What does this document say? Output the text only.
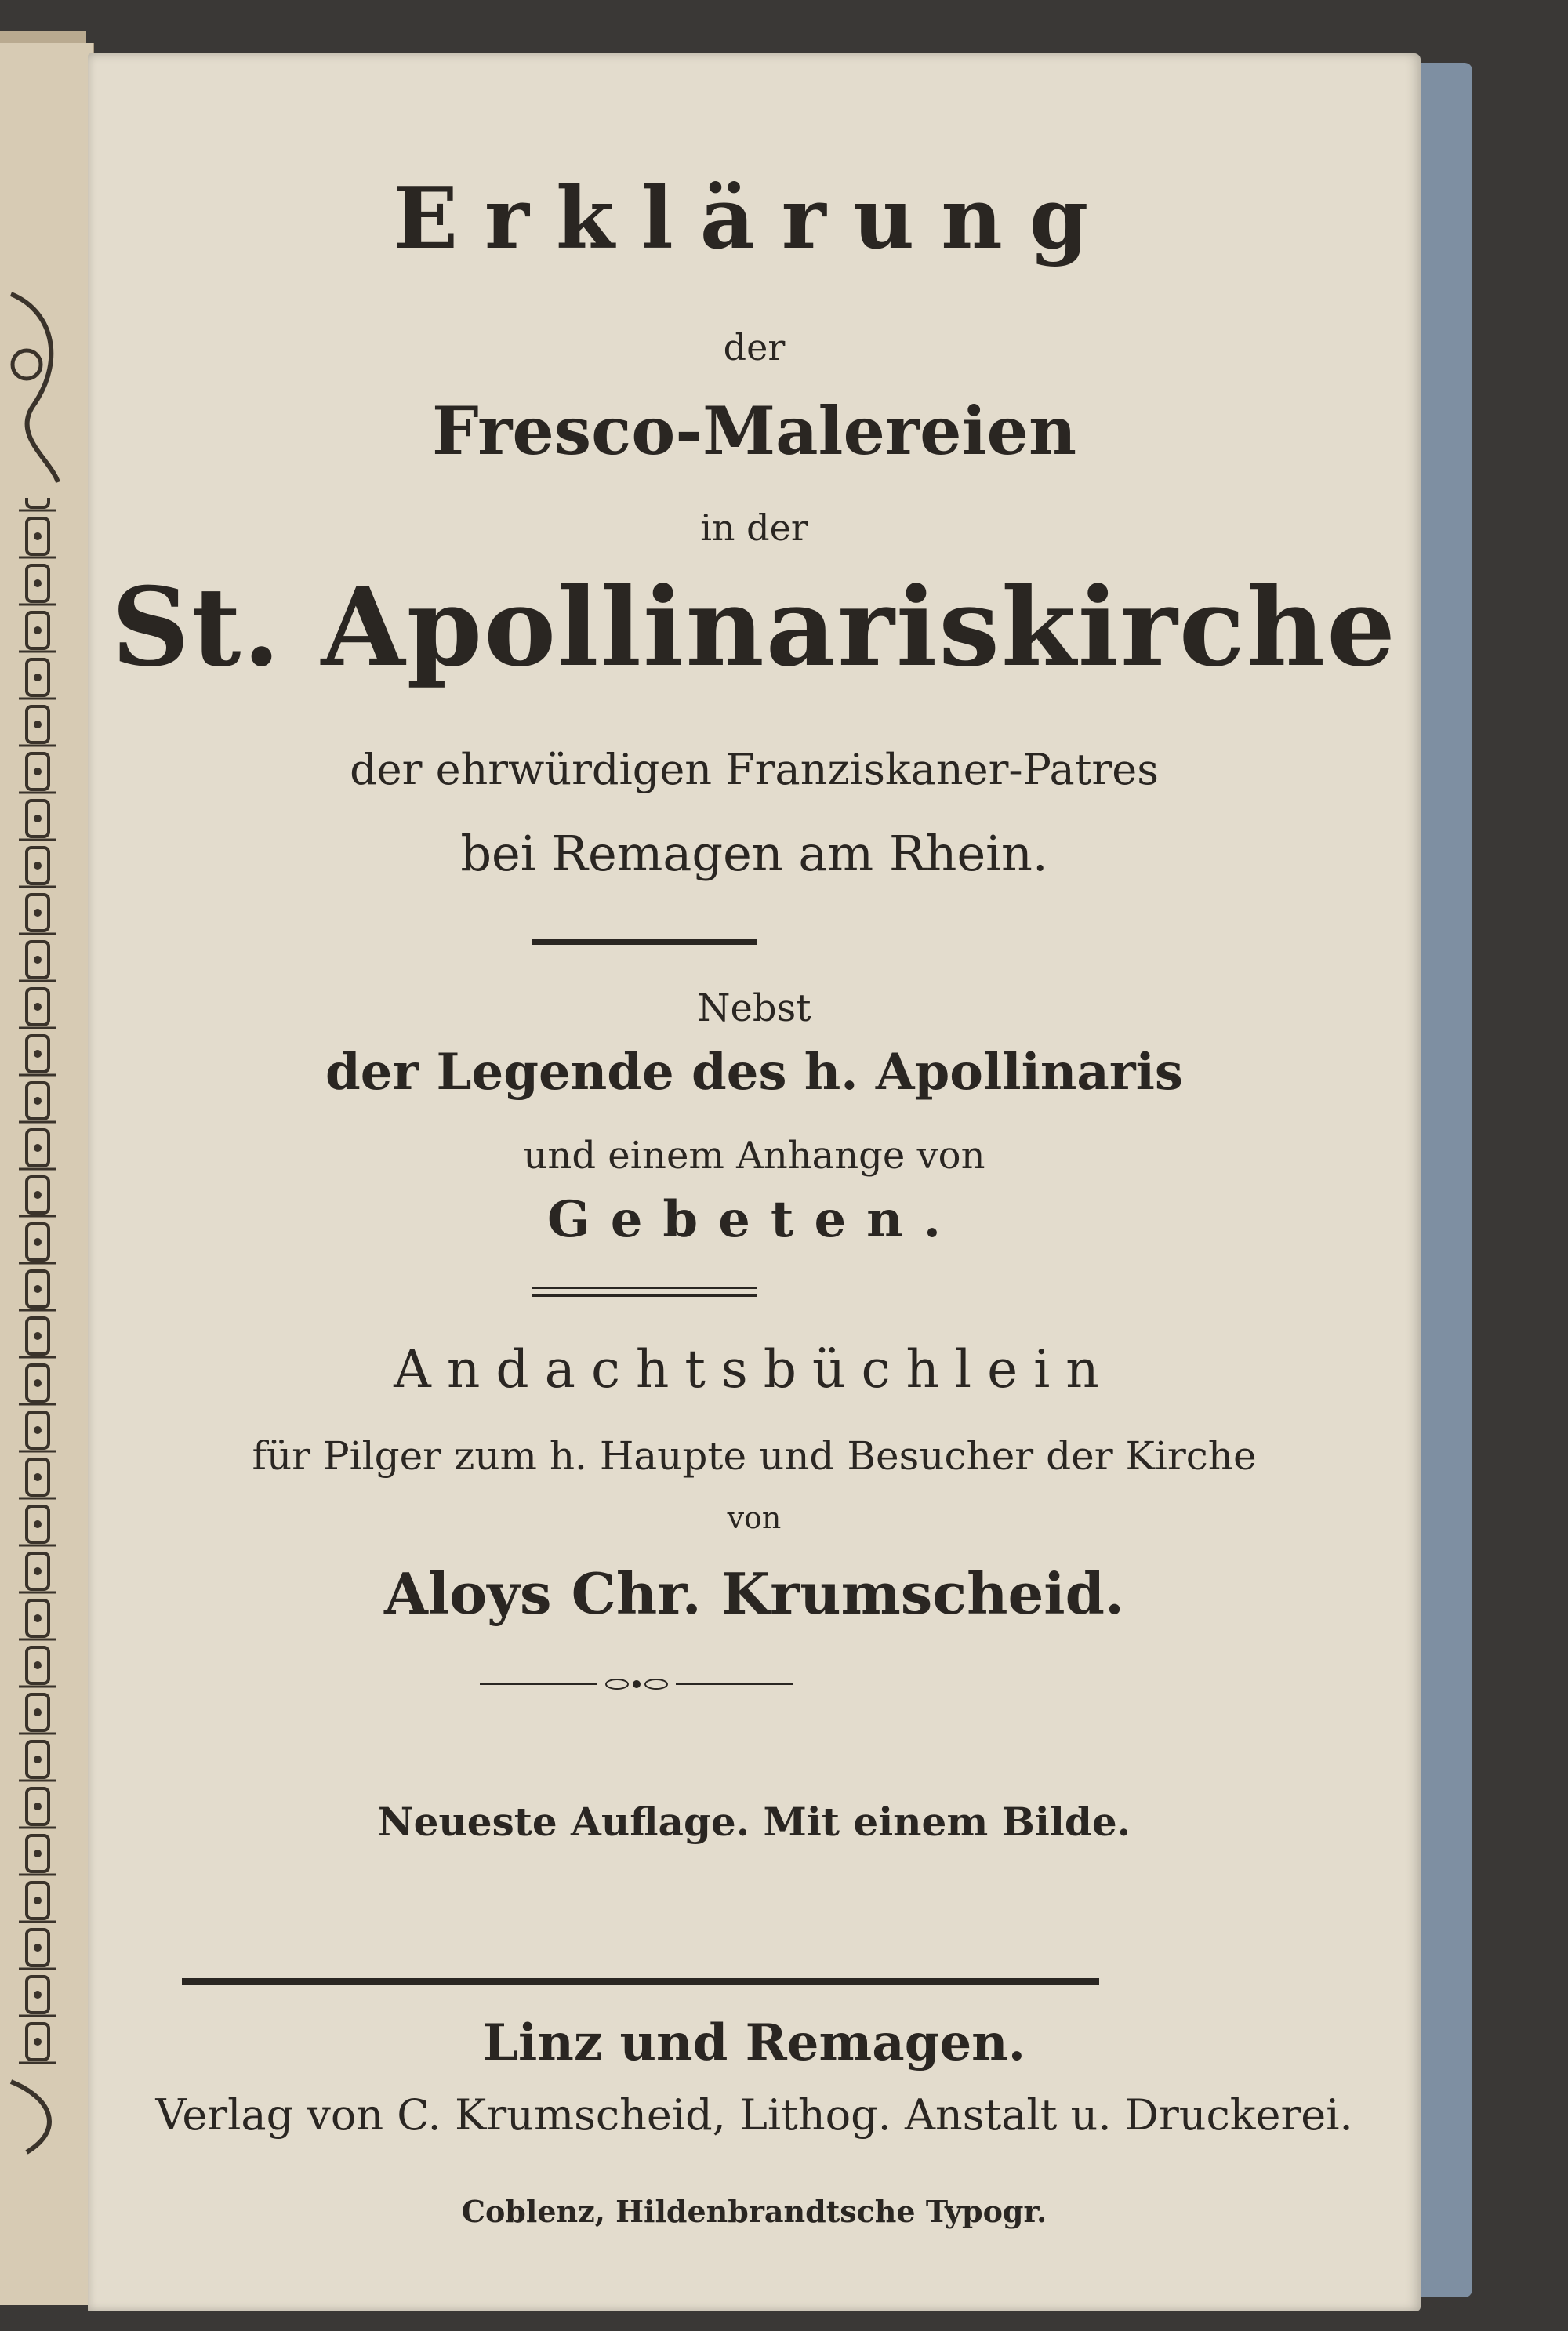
Erklärung
der
Fresco-Malereien
in der
St. Apollinariskirche
der ehrwürdigen Franziskaner-Patres
bei Remagen am Rhein.
Nebst
der Legende des h. Apollinaris
und einem Anhange von
Gebeten.
Andachtsbüchlein
für Pilger zum h. Haupte und Besucher der Kirche
von
Aloys Chr. Krumscheid.
Neueste Auflage. Mit einem Bilde.
Linz und Remagen.
Verlag von C. Krumscheid, Lithog. Anstalt u. Druckerei.
Coblenz, Hildenbrandtsche Typogr.
